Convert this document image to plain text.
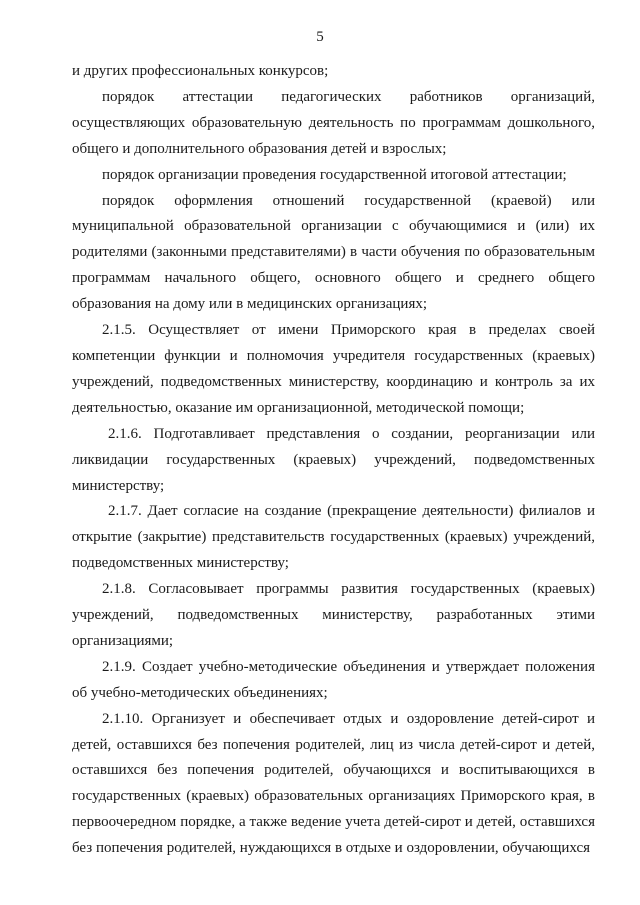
5

и других профессиональных конкурсов;

порядок аттестации педагогических работников организаций, осуществляющих образовательную деятельность по программам дошкольного, общего и дополнительного образования детей и взрослых;

порядок организации проведения государственной итоговой аттестации;

порядок оформления отношений государственной (краевой) или муниципальной образовательной организации с обучающимися и (или) их родителями (законными представителями) в части обучения по образовательным программам начального общего, основного общего и среднего общего образования на дому или в медицинских организациях;

2.1.5. Осуществляет от имени Приморского края в пределах своей компетенции функции и полномочия учредителя государственных (краевых) учреждений, подведомственных министерству, координацию и контроль за их деятельностью, оказание им организационной, методической помощи;

2.1.6. Подготавливает представления о создании, реорганизации или ликвидации государственных (краевых) учреждений, подведомственных министерству;

2.1.7. Дает согласие на создание (прекращение деятельности) филиалов и открытие (закрытие) представительств государственных (краевых) учреждений, подведомственных министерству;

2.1.8. Согласовывает программы развития государственных (краевых) учреждений, подведомственных министерству, разработанных этими организациями;

2.1.9. Создает учебно-методические объединения и утверждает положения об учебно-методических объединениях;

2.1.10. Организует и обеспечивает отдых и оздоровление детей-сирот и детей, оставшихся без попечения родителей, лиц из числа детей-сирот и детей, оставшихся без попечения родителей, обучающихся и воспитывающихся в государственных (краевых) образовательных организациях Приморского края, в первоочередном порядке, а также ведение учета детей-сирот и детей, оставшихся без попечения родителей, нуждающихся в отдыхе и оздоровлении, обучающихся
